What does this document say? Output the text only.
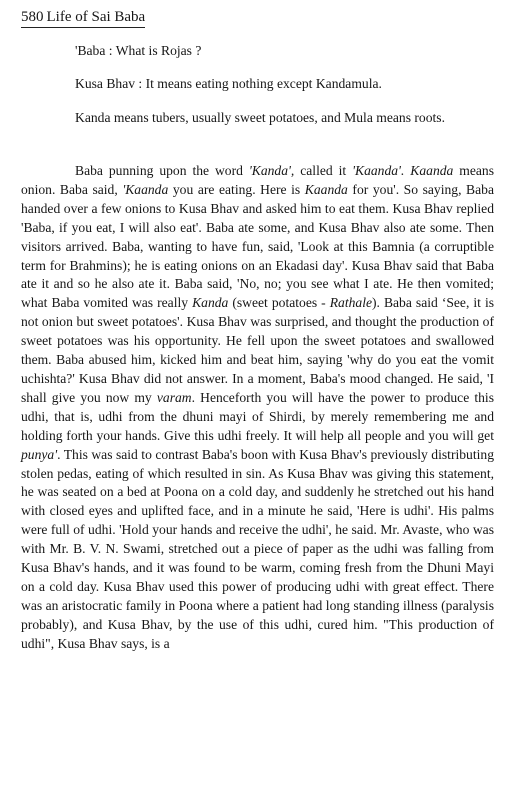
580 Life of Sai Baba
'Baba : What is Rojas ?
Kusa Bhav : It means eating nothing except Kandamula.

Kanda means tubers, usually sweet potatoes, and Mula means roots.

Baba punning upon the word 'Kanda', called it 'Kaanda'. Kaanda means onion. Baba said, 'Kaanda you are eating. Here is Kaanda for you'. So saying, Baba handed over a few onions to Kusa Bhav and asked him to eat them. Kusa Bhav replied 'Baba, if you eat, I will also eat'. Baba ate some, and Kusa Bhav also ate some. Then visitors arrived. Baba, wanting to have fun, said, 'Look at this Bamnia (a corruptible term for Brahmins); he is eating onions on an Ekadasi day'. Kusa Bhav said that Baba ate it and so he also ate it. Baba said, 'No, no; you see what I ate. He then vomited; what Baba vomited was really Kanda (sweet potatoes - Rathale). Baba said ‘See, it is not onion but sweet potatoes'. Kusa Bhav was surprised, and thought the production of sweet potatoes was his opportunity. He fell upon the sweet potatoes and swallowed them. Baba abused him, kicked him and beat him, saying 'why do you eat the vomit uchishta?' Kusa Bhav did not answer. In a moment, Baba's mood changed. He said, 'I shall give you now my varam. Henceforth you will have the power to produce this udhi, that is, udhi from the dhuni mayi of Shirdi, by merely remembering me and holding forth your hands. Give this udhi freely. It will help all people and you will get punya'. This was said to contrast Baba's boon with Kusa Bhav's previously distributing stolen pedas, eating of which resulted in sin. As Kusa Bhav was giving this statement, he was seated on a bed at Poona on a cold day, and suddenly he stretched out his hand with closed eyes and uplifted face, and in a minute he said, 'Here is udhi'. His palms were full of udhi. 'Hold your hands and receive the udhi', he said. Mr. Avaste, who was with Mr. B. V. N. Swami, stretched out a piece of paper as the udhi was falling from Kusa Bhav's hands, and it was found to be warm, coming fresh from the Dhuni Mayi on a cold day. Kusa Bhav used this power of producing udhi with great effect. There was an aristocratic family in Poona where a patient had long standing illness (paralysis probably), and Kusa Bhav, by the use of this udhi, cured him. "This production of udhi", Kusa Bhav says, is a
